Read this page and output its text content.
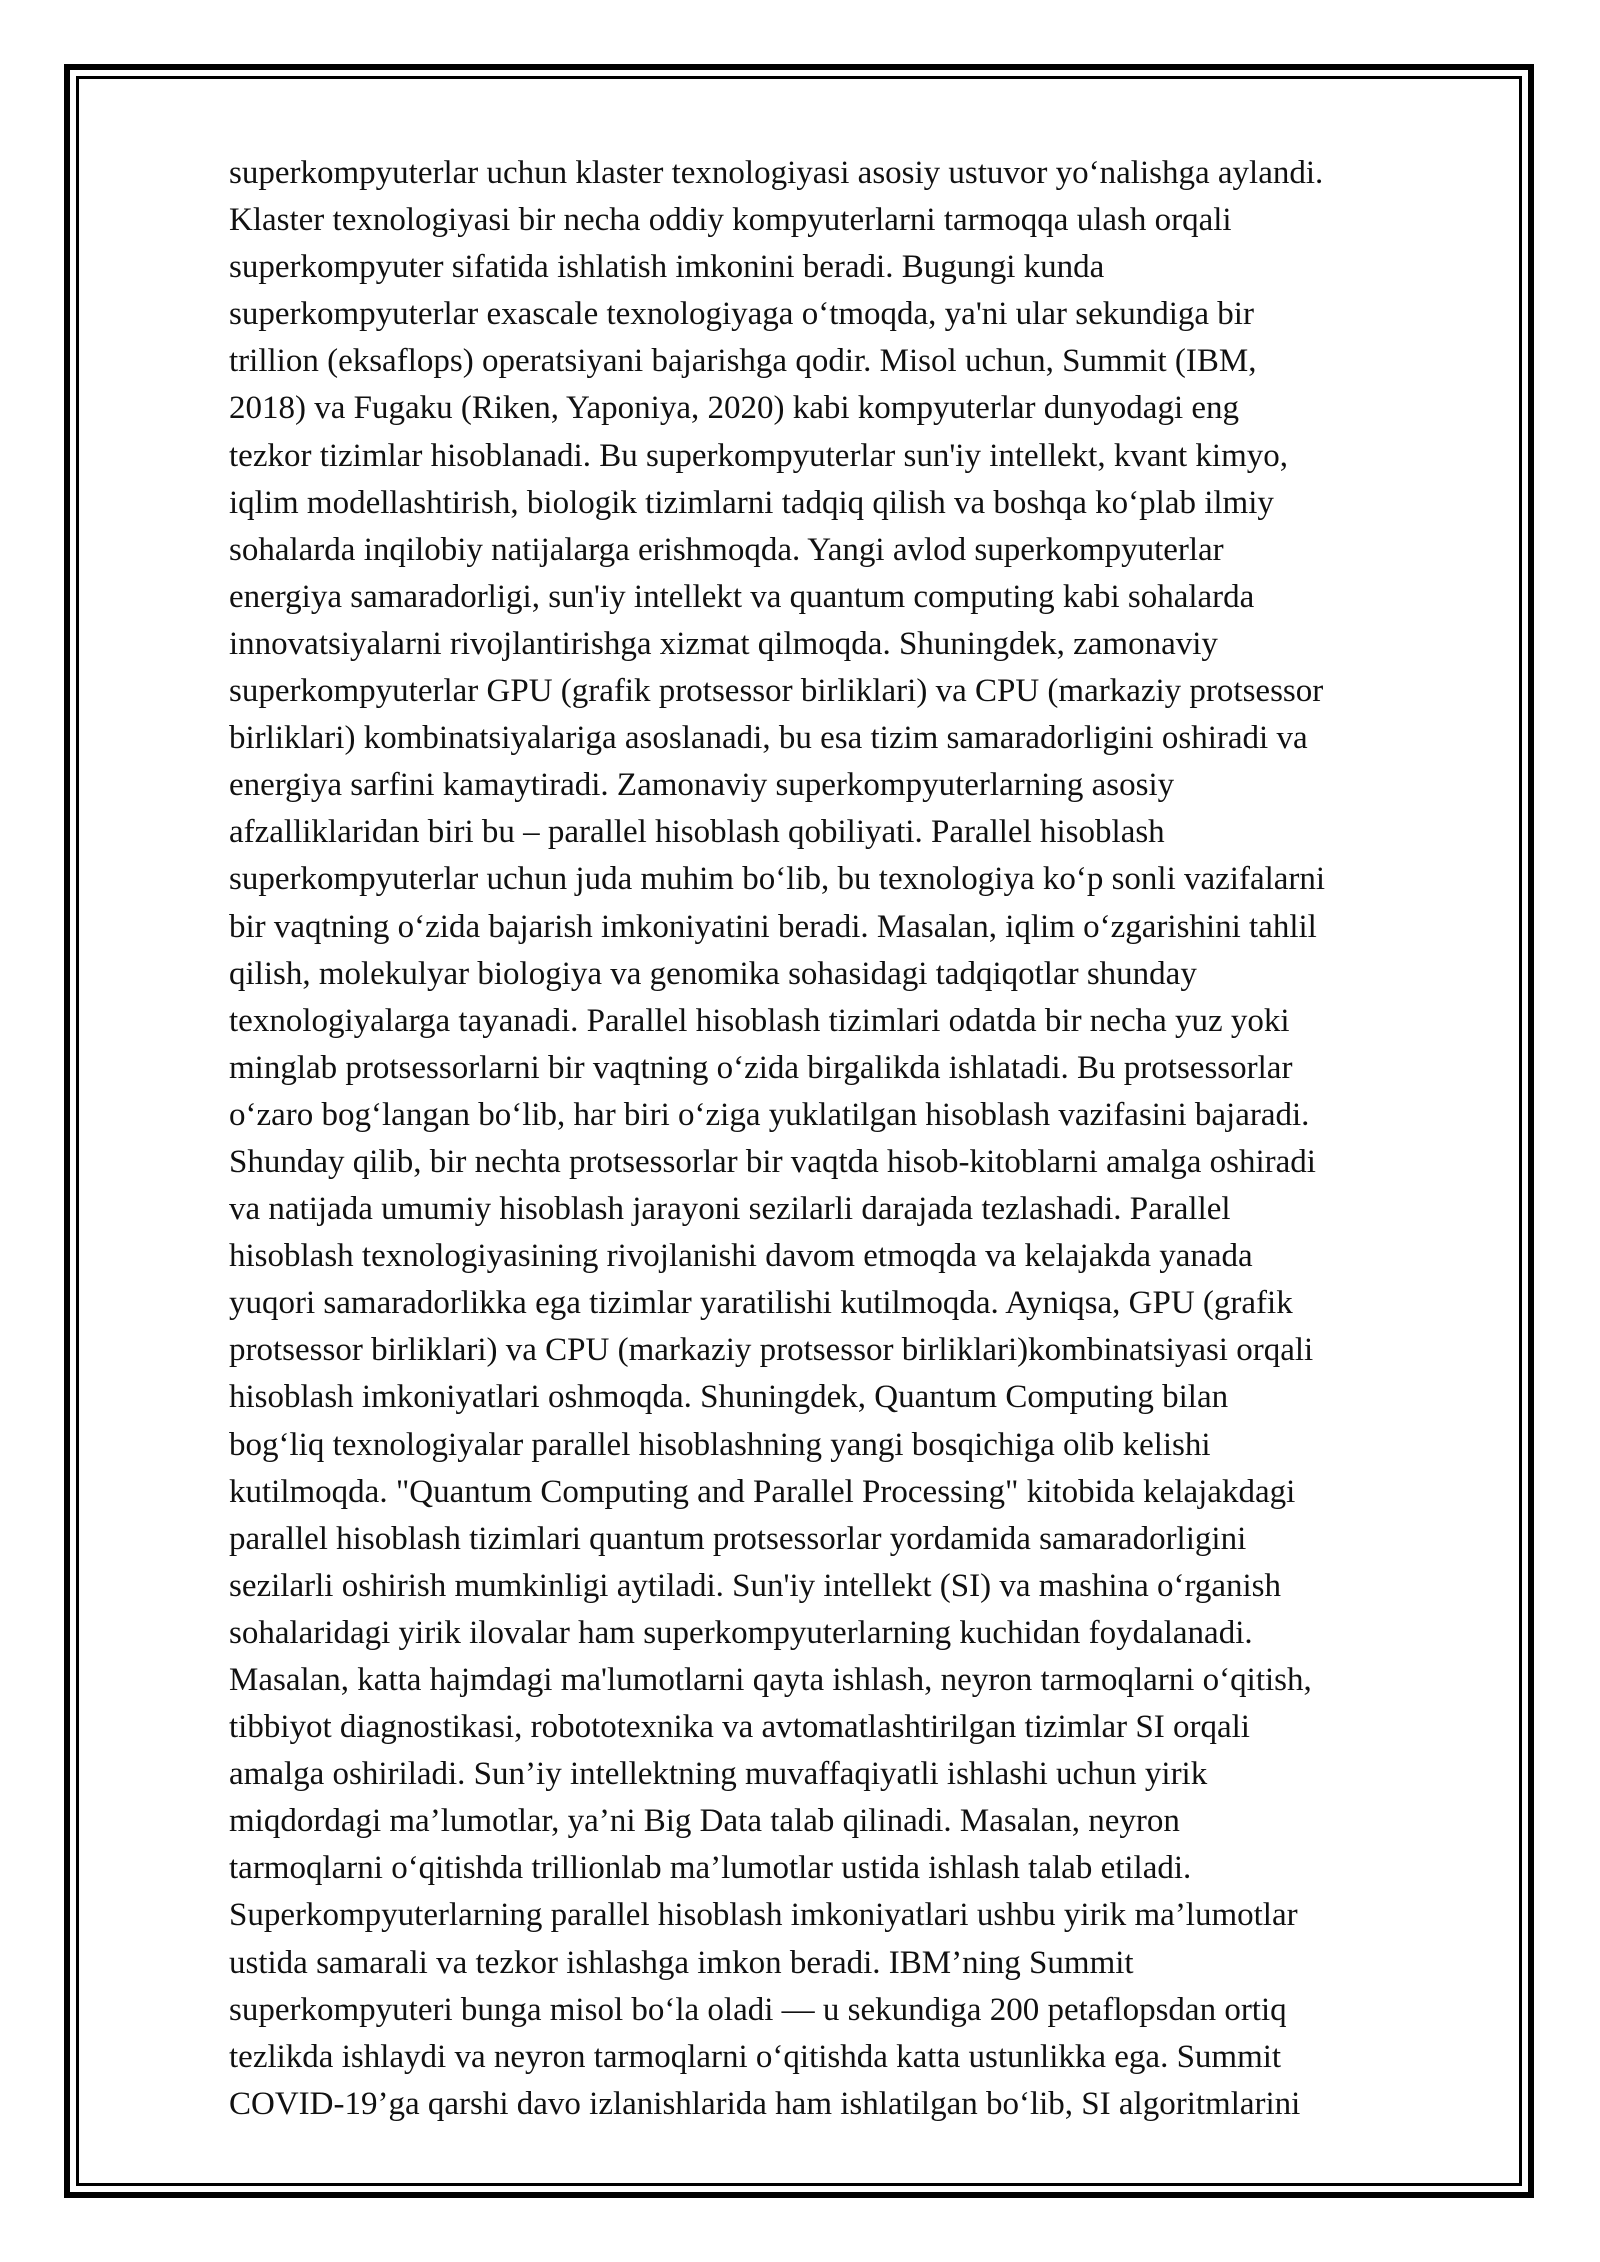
superkompyuterlar uchun klaster texnologiyasi asosiy ustuvor yo‘nalishga aylandi.
Klaster texnologiyasi bir necha oddiy kompyuterlarni tarmoqqa ulash orqali
superkompyuter sifatida ishlatish imkonini beradi. Bugungi kunda
superkompyuterlar exascale texnologiyaga o‘tmoqda, ya'ni ular sekundiga bir
trillion (eksaflops) operatsiyani bajarishga qodir. Misol uchun, Summit (IBM,
2018) va Fugaku (Riken, Yaponiya, 2020) kabi kompyuterlar dunyodagi eng
tezkor tizimlar hisoblanadi. Bu superkompyuterlar sun'iy intellekt, kvant kimyo,
iqlim modellashtirish, biologik tizimlarni tadqiq qilish va boshqa ko‘plab ilmiy
sohalarda inqilobiy natijalarga erishmoqda. Yangi avlod superkompyuterlar
energiya samaradorligi, sun'iy intellekt va quantum computing kabi sohalarda
innovatsiyalarni rivojlantirishga xizmat qilmoqda. Shuningdek, zamonaviy
superkompyuterlar GPU (grafik protsessor birliklari) va CPU (markaziy protsessor
birliklari) kombinatsiyalariga asoslanadi, bu esa tizim samaradorligini oshiradi va
energiya sarfini kamaytiradi. Zamonaviy superkompyuterlarning asosiy
afzalliklaridan biri bu – parallel hisoblash qobiliyati. Parallel hisoblash
superkompyuterlar uchun juda muhim bo‘lib, bu texnologiya ko‘p sonli vazifalarni
bir vaqtning o‘zida bajarish imkoniyatini beradi. Masalan, iqlim o‘zgarishini tahlil
qilish, molekulyar biologiya va genomika sohasidagi tadqiqotlar shunday
texnologiyalarga tayanadi. Parallel hisoblash tizimlari odatda bir necha yuz yoki
minglab protsessorlarni bir vaqtning o‘zida birgalikda ishlatadi. Bu protsessorlar
o‘zaro bog‘langan bo‘lib, har biri o‘ziga yuklatilgan hisoblash vazifasini bajaradi.
Shunday qilib, bir nechta protsessorlar bir vaqtda hisob-kitoblarni amalga oshiradi
va natijada umumiy hisoblash jarayoni sezilarli darajada tezlashadi. Parallel
hisoblash texnologiyasining rivojlanishi davom etmoqda va kelajakda yanada
yuqori samaradorlikka ega tizimlar yaratilishi kutilmoqda. Ayniqsa, GPU (grafik
protsessor birliklari) va CPU (markaziy protsessor birliklari)kombinatsiyasi orqali
hisoblash imkoniyatlari oshmoqda. Shuningdek, Quantum Computing bilan
bog‘liq texnologiyalar parallel hisoblashning yangi bosqichiga olib kelishi
kutilmoqda. "Quantum Computing and Parallel Processing" kitobida kelajakdagi
parallel hisoblash tizimlari quantum protsessorlar yordamida samaradorligini
sezilarli oshirish mumkinligi aytiladi. Sun'iy intellekt (SI) va mashina o‘rganish
sohalaridagi yirik ilovalar ham superkompyuterlarning kuchidan foydalanadi.
Masalan, katta hajmdagi ma'lumotlarni qayta ishlash, neyron tarmoqlarni o‘qitish,
tibbiyot diagnostikasi, robototexnika va avtomatlashtirilgan tizimlar SI orqali
amalga oshiriladi. Sun’iy intellektning muvaffaqiyatli ishlashi uchun yirik
miqdordagi ma’lumotlar, ya’ni Big Data talab qilinadi. Masalan, neyron
tarmoqlarni o‘qitishda trillionlab ma’lumotlar ustida ishlash talab etiladi.
Superkompyuterlarning parallel hisoblash imkoniyatlari ushbu yirik ma’lumotlar
ustida samarali va tezkor ishlashga imkon beradi. IBM’ning Summit
superkompyuteri bunga misol bo‘la oladi — u sekundiga 200 petaflopsdan ortiq
tezlikda ishlaydi va neyron tarmoqlarni o‘qitishda katta ustunlikka ega. Summit
COVID-19’ga qarshi davo izlanishlarida ham ishlatilgan bo‘lib, SI algoritmlarini
